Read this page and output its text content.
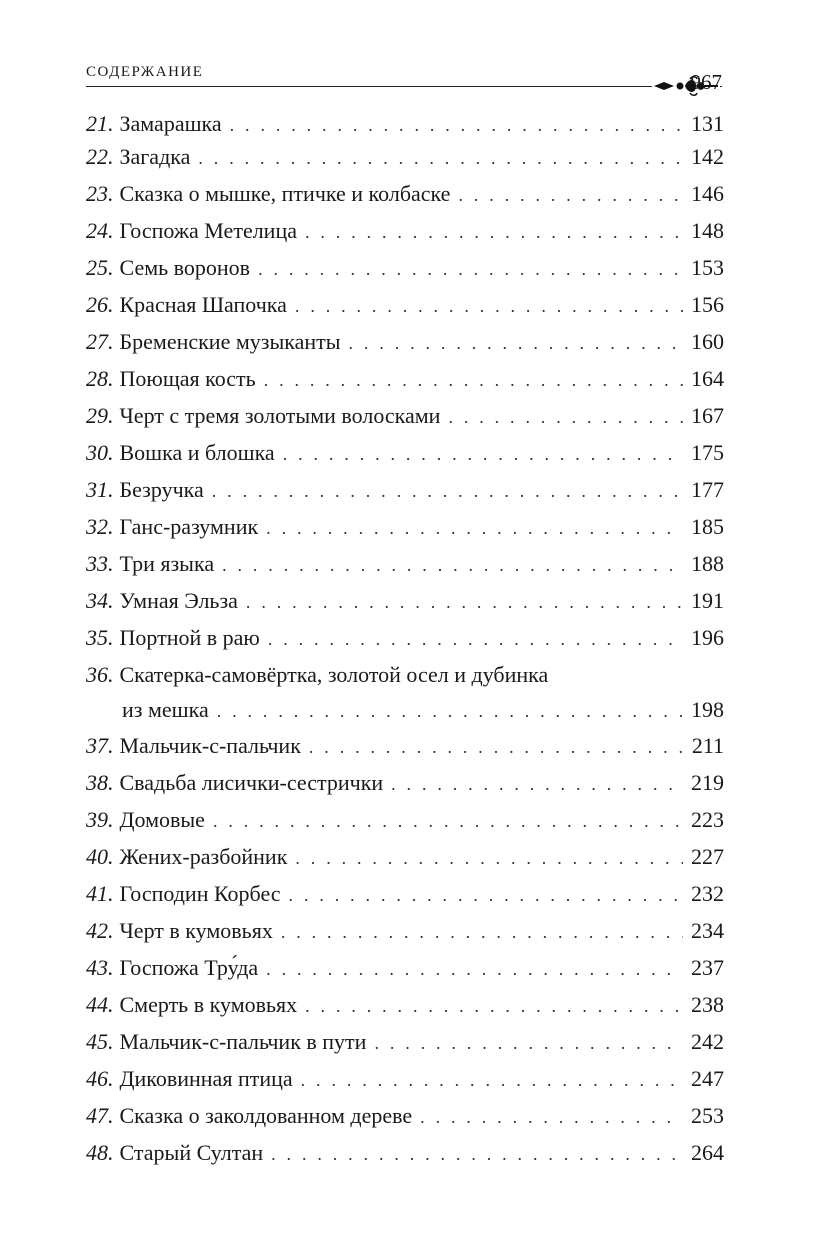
СОДЕРЖАНИЕ	967
21. Замарашка . . .	131
22. Загадка . . .	142
23. Сказка о мышке, птичке и колбаске . . .	146
24. Госпожа Метелица . . .	148
25. Семь воронов . . .	153
26. Красная Шапочка . . .	156
27. Бременские музыканты . . .	160
28. Поющая кость . . .	164
29. Черт с тремя золотыми волосками . . .	167
30. Вошка и блошка . . .	175
31. Безручка . . .	177
32. Ганс-разумник . . .	185
33. Три языка . . .	188
34. Умная Эльза . . .	191
35. Портной в раю . . .	196
36. Скатерка-самовёртка, золотой осел и дубинка
из мешка . . .	198
37. Мальчик-с-пальчик . . .	211
38. Свадьба лисички-сестрички . . .	219
39. Домовые . . .	223
40. Жених-разбойник . . .	227
41. Господин Корбес . . .	232
42. Черт в кумовьях . . .	234
43. Госпожа Тру́да . . .	237
44. Смерть в кумовьях . . .	238
45. Мальчик-с-пальчик в пути . . .	242
46. Диковинная птица . . .	247
47. Сказка о заколдованном дереве . . .	253
48. Старый Султан . . .	264
